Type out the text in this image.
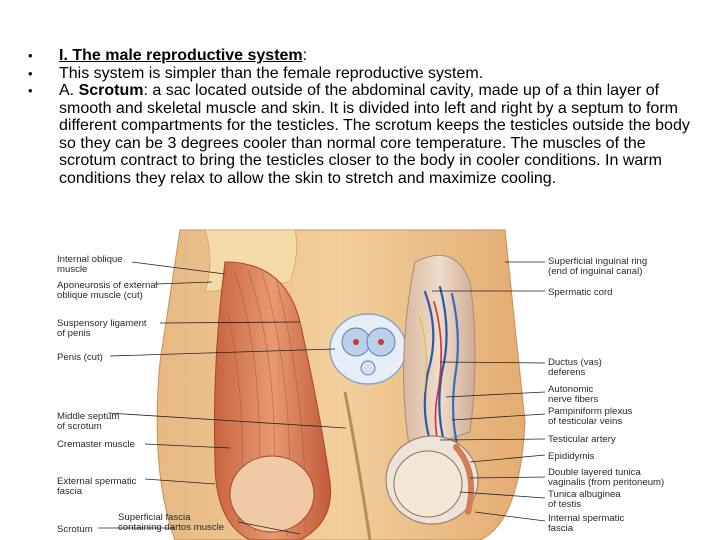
• I. The male reproductive system:
• This system is simpler than the female reproductive system.
• A. Scrotum: a sac located outside of the abdominal cavity, made up of a thin layer of smooth and skeletal muscle and skin. It is divided into left and right by a septum to form different compartments for the testicles. The scrotum keeps the testicles outside the body so they can be 3 degrees cooler than normal core temperature. The muscles of the scrotum contract to bring the testicles closer to the body in cooler conditions. In warm conditions they relax to allow the skin to stretch and maximize cooling.
Internal oblique muscle
Aponeurosis of external oblique muscle (cut)
Suspensory ligament of penis
Penis (cut)
Middle septum of scrotum
Cremaster muscle
External spermatic fascia
Scrotum
Superficial fascia containing dartos muscle
Superficial inguinal ring (end of inguinal canal)
Spermatic cord
Ductus (vas) deferens
Autonomic nerve fibers
Pampiniform plexus of testicular veins
Testicular artery
Epididymis
Double layered tunica vaginalis (from peritoneum)
Tunica albuginea of testis
Internal spermatic fascia
